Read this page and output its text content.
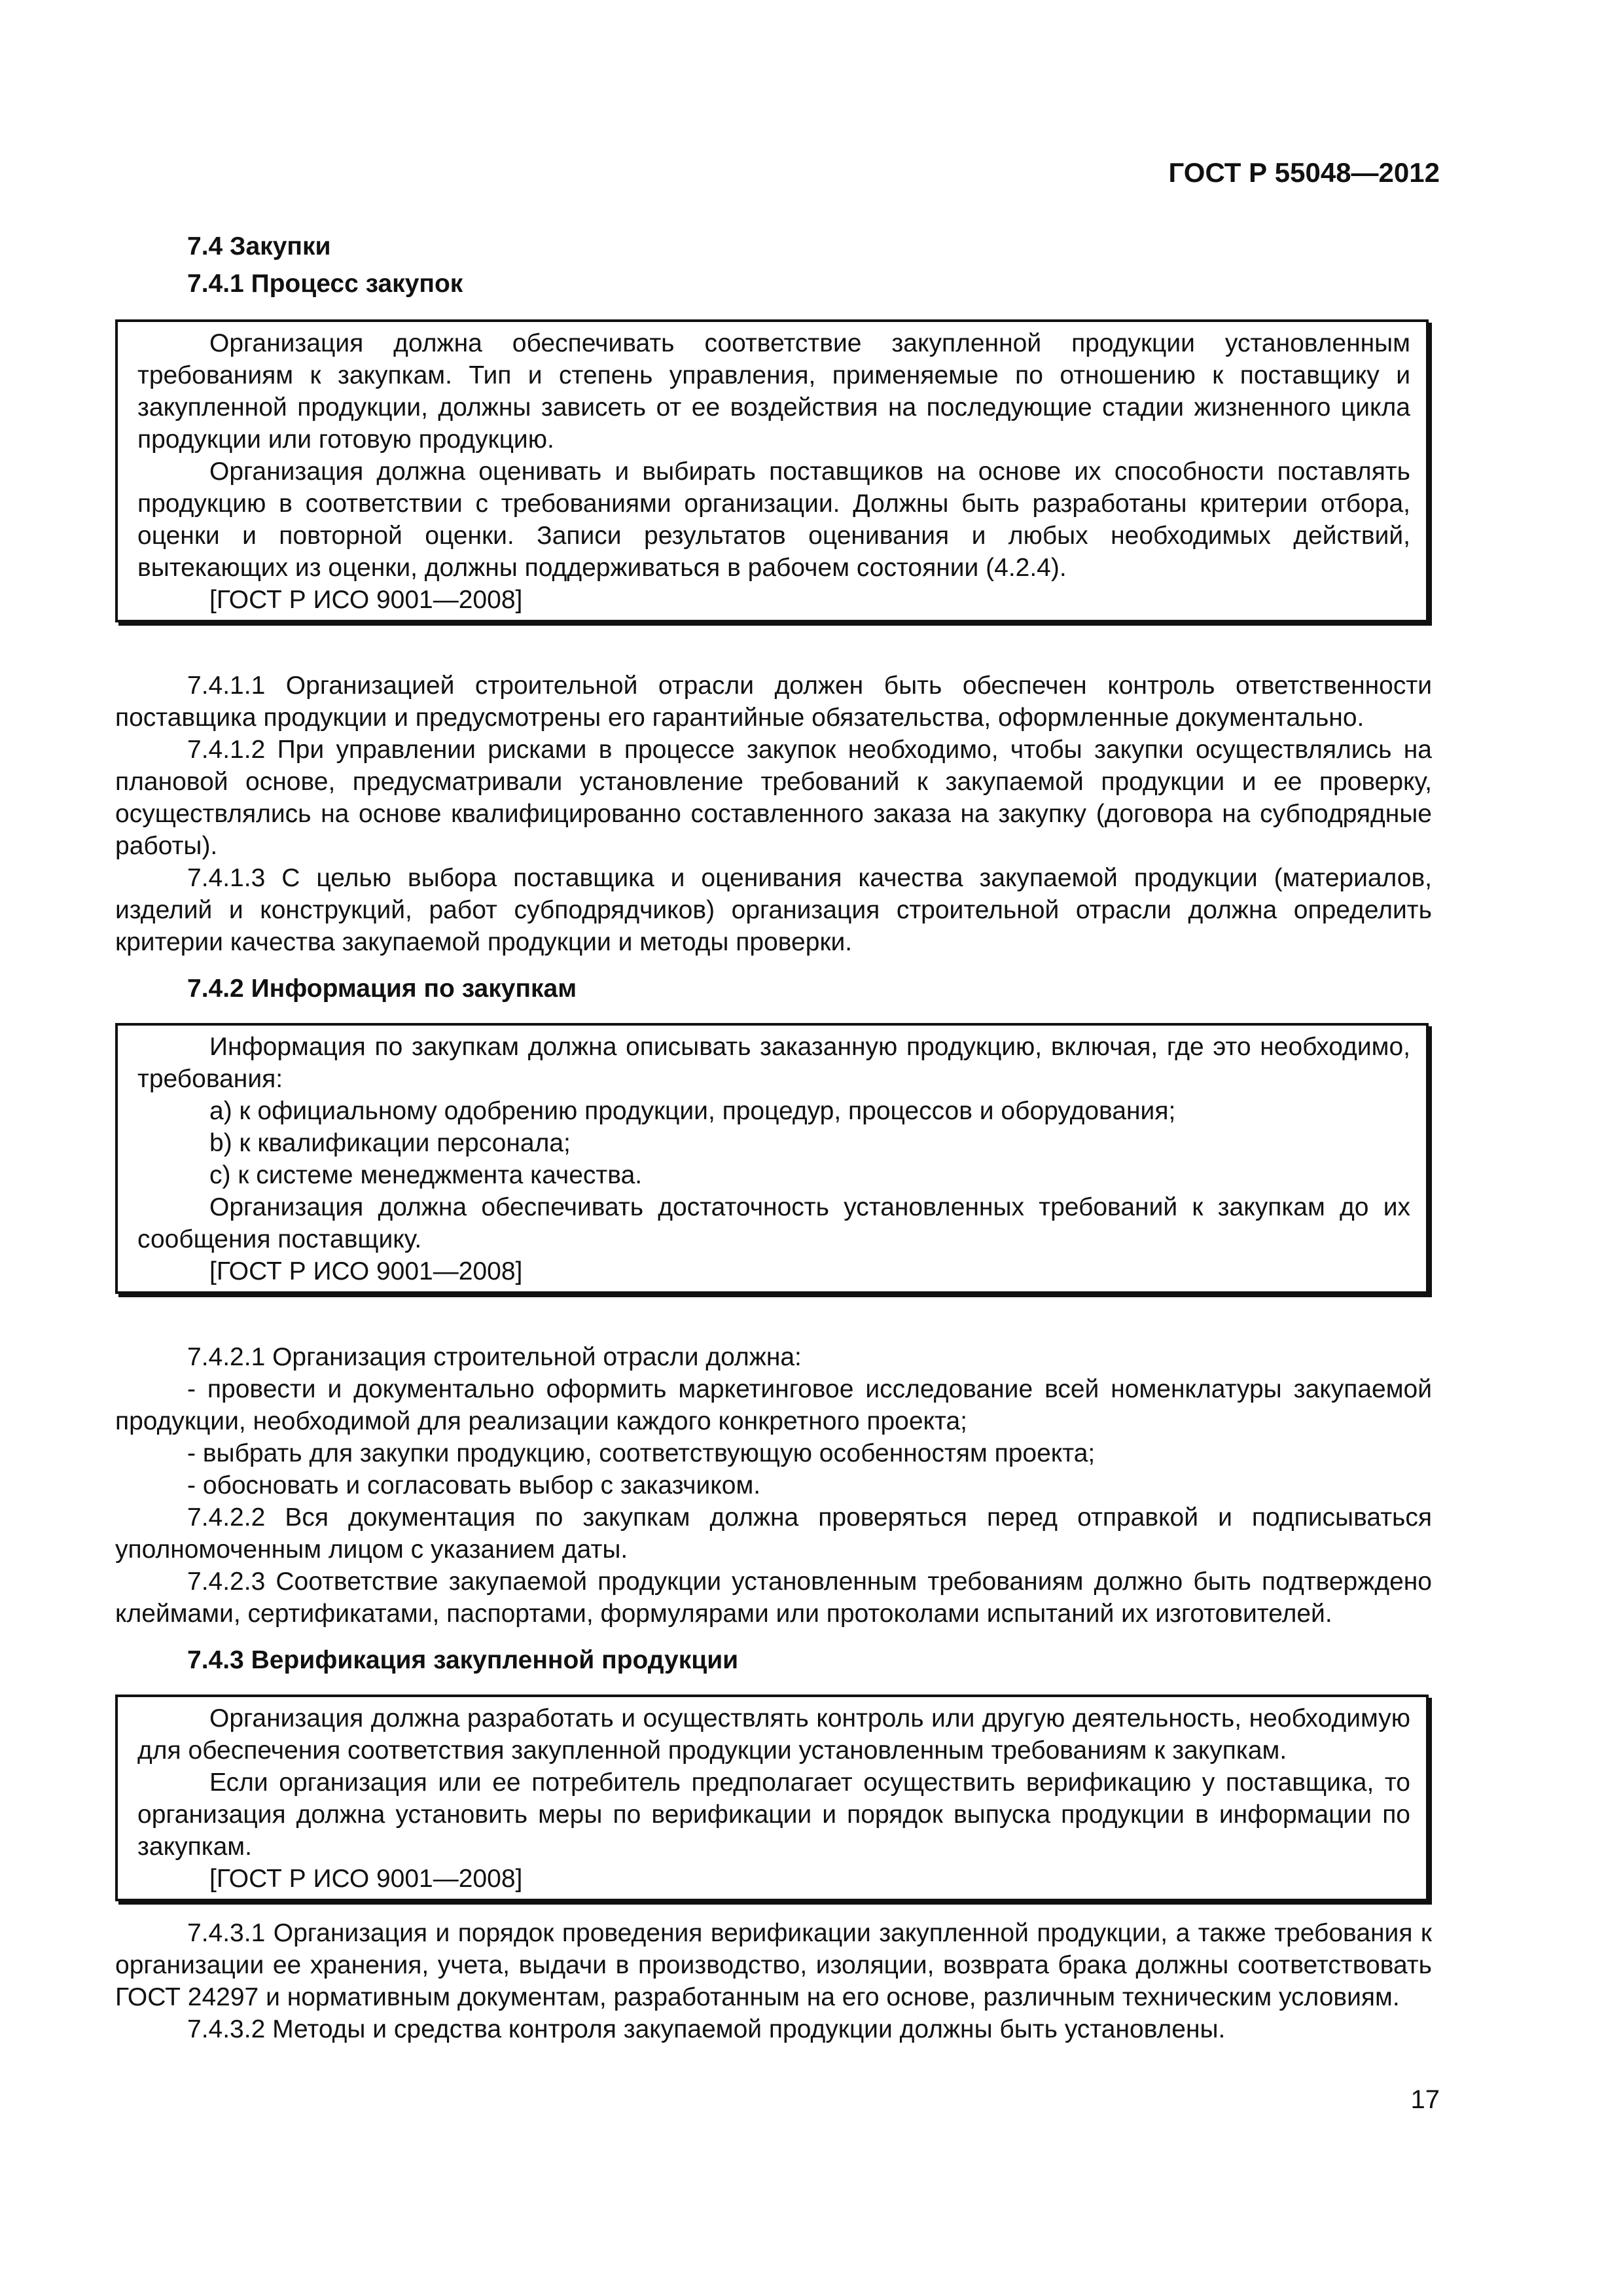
ГОСТ Р 55048—2012
7.4 Закупки
7.4.1 Процесс закупок

Организация должна обеспечивать соответствие закупленной продукции установленным требованиям к закупкам. Тип и степень управления, применяемые по отношению к поставщику и закупленной продукции, должны зависеть от ее воздействия на последующие стадии жизненного цикла продукции или готовую продукцию.

Организация должна оценивать и выбирать поставщиков на основе их способности поставлять продукцию в соответствии с требованиями организации. Должны быть разработаны критерии отбора, оценки и повторной оценки. Записи результатов оценивания и любых необходимых действий, вытекающих из оценки, должны поддерживаться в рабочем состоянии (4.2.4).

[ГОСТ Р ИСО 9001—2008]

7.4.1.1 Организацией строительной отрасли должен быть обеспечен контроль ответственности поставщика продукции и предусмотрены его гарантийные обязательства, оформленные документально.

7.4.1.2 При управлении рисками в процессе закупок необходимо, чтобы закупки осуществлялись на плановой основе, предусматривали установление требований к закупаемой продукции и ее проверку, осуществлялись на основе квалифицированно составленного заказа на закупку (договора на субподрядные работы).

7.4.1.3 С целью выбора поставщика и оценивания качества закупаемой продукции (материалов, изделий и конструкций, работ субподрядчиков) организация строительной отрасли должна определить критерии качества закупаемой продукции и методы проверки.

7.4.2 Информация по закупкам

Информация по закупкам должна описывать заказанную продукцию, включая, где это необходимо, требования:

a) к официальному одобрению продукции, процедур, процессов и оборудования;

b) к квалификации персонала;

c) к системе менеджмента качества.

Организация должна обеспечивать достаточность установленных требований к закупкам до их сообщения поставщику.

[ГОСТ Р ИСО 9001—2008]

7.4.2.1 Организация строительной отрасли должна:

- провести и документально оформить маркетинговое исследование всей номенклатуры закупаемой продукции, необходимой для реализации каждого конкретного проекта;

- выбрать для закупки продукцию, соответствующую особенностям проекта;

- обосновать и согласовать выбор с заказчиком.

7.4.2.2 Вся документация по закупкам должна проверяться перед отправкой и подписываться уполномоченным лицом с указанием даты.

7.4.2.3 Соответствие закупаемой продукции установленным требованиям должно быть подтверждено клеймами, сертификатами, паспортами, формулярами или протоколами испытаний их изготовителей.

7.4.3 Верификация закупленной продукции

Организация должна разработать и осуществлять контроль или другую деятельность, необходимую для обеспечения соответствия закупленной продукции установленным требованиям к закупкам.

Если организация или ее потребитель предполагает осуществить верификацию у поставщика, то организация должна установить меры по верификации и порядок выпуска продукции в информации по закупкам.

[ГОСТ Р ИСО 9001—2008]

7.4.3.1 Организация и порядок проведения верификации закупленной продукции, а также требования к организации ее хранения, учета, выдачи в производство, изоляции, возврата брака должны соответствовать ГОСТ 24297 и нормативным документам, разработанным на его основе, различным техническим условиям.

7.4.3.2 Методы и средства контроля закупаемой продукции должны быть установлены.

17
